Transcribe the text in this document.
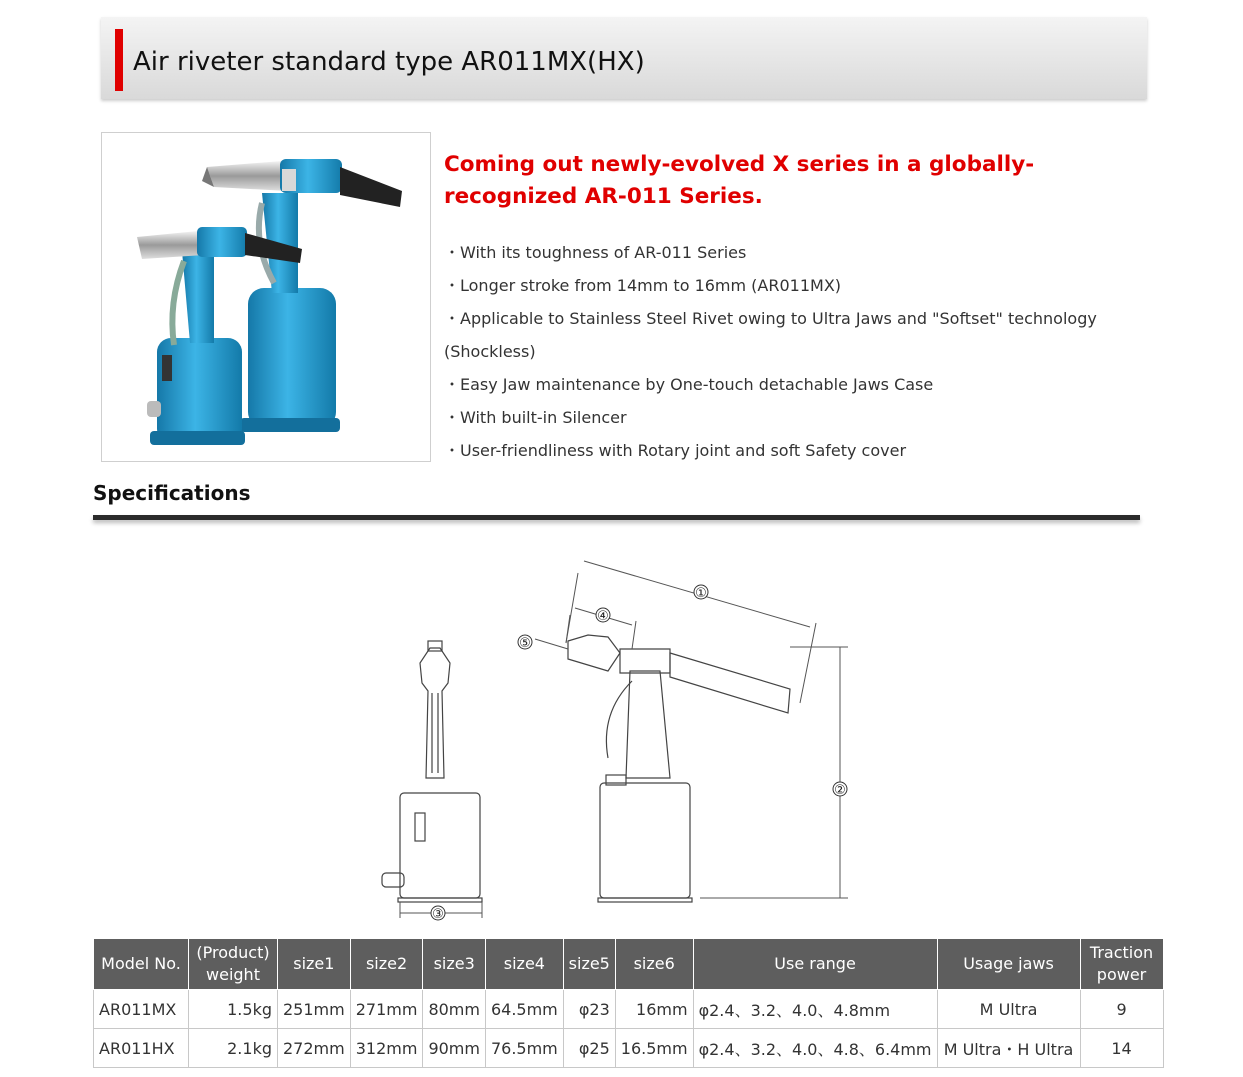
Air riveter standard type AR011MX(HX)
Coming out newly-evolved X series in a globally-recognized AR-011 Series.
・With its toughness of AR-011 Series
・Longer stroke from 14mm to 16mm (AR011MX)
・Applicable to Stainless Steel Rivet owing to Ultra Jaws and "Softset" technology (Shockless)
・Easy Jaw maintenance by One-touch detachable Jaws Case
・With built-in Silencer
・User-friendliness with Rotary joint and soft Safety cover
Specifications
①
②
③
④
⑤
Model No.	(Product) weight	size1	size2	size3	size4	size5	size6	Use range	Usage jaws	Traction power
AR011MX	1.5kg	251mm	271mm	80mm	64.5mm	φ23	16mm	φ2.4、3.2、4.0、4.8mm	M Ultra	9
AR011HX	2.1kg	272mm	312mm	90mm	76.5mm	φ25	16.5mm	φ2.4、3.2、4.0、4.8、6.4mm	M Ultra・H Ultra	14
